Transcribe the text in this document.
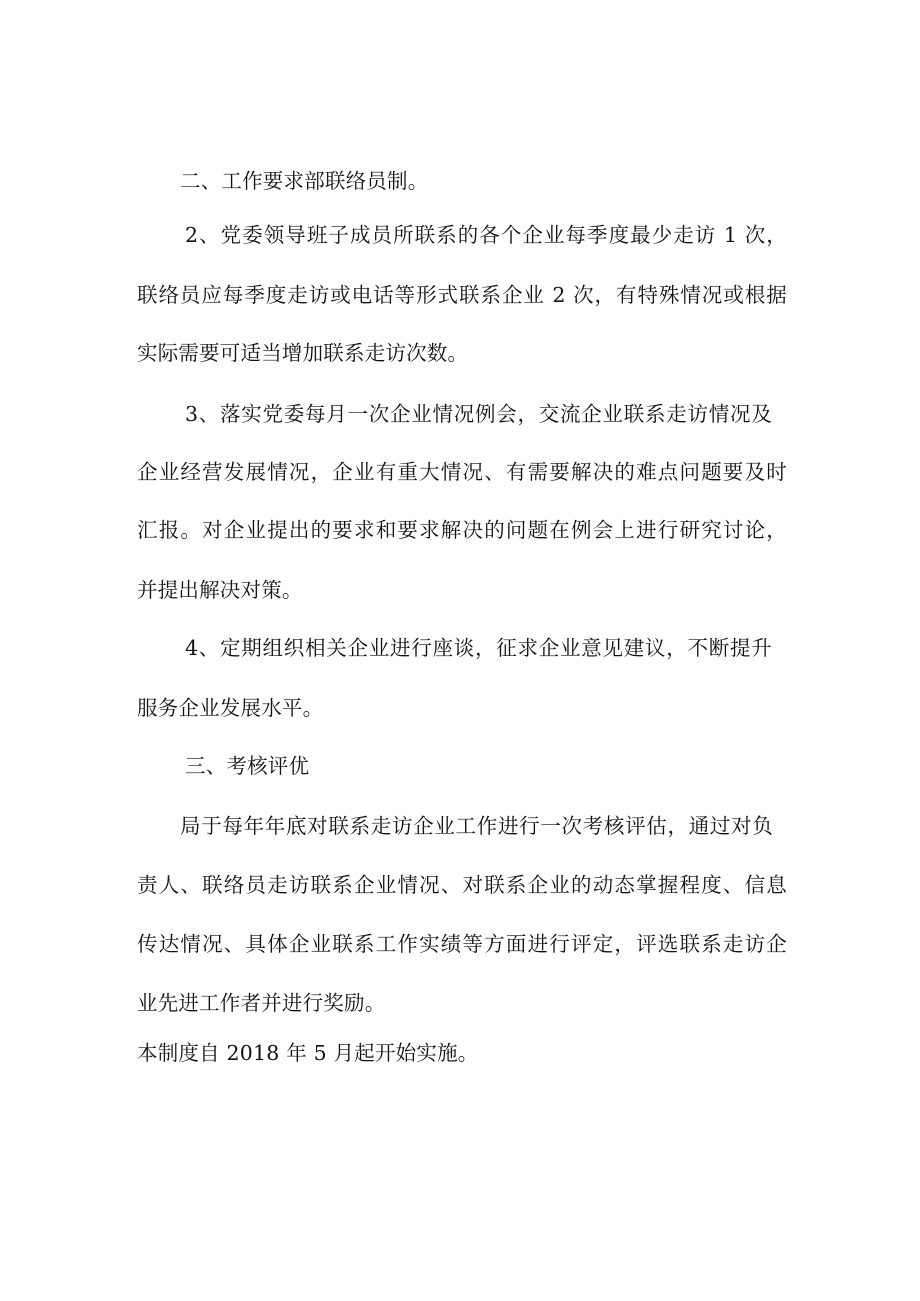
二、工作要求部联络员制。
2、党委领导班子成员所联系的各个企业每季度最少走访 1 次，
联络员应每季度走访或电话等形式联系企业 2 次，有特殊情况或根据
实际需要可适当增加联系走访次数。
3、落实党委每月一次企业情况例会，交流企业联系走访情况及
企业经营发展情况，企业有重大情况、有需要解决的难点问题要及时
汇报。对企业提出的要求和要求解决的问题在例会上进行研究讨论，
并提出解决对策。
4、定期组织相关企业进行座谈，征求企业意见建议，不断提升
服务企业发展水平。
三、考核评优
局于每年年底对联系走访企业工作进行一次考核评估，通过对负
责人、联络员走访联系企业情况、对联系企业的动态掌握程度、信息
传达情况、具体企业联系工作实绩等方面进行评定，评选联系走访企
业先进工作者并进行奖励。
本制度自 2018 年 5 月起开始实施。
